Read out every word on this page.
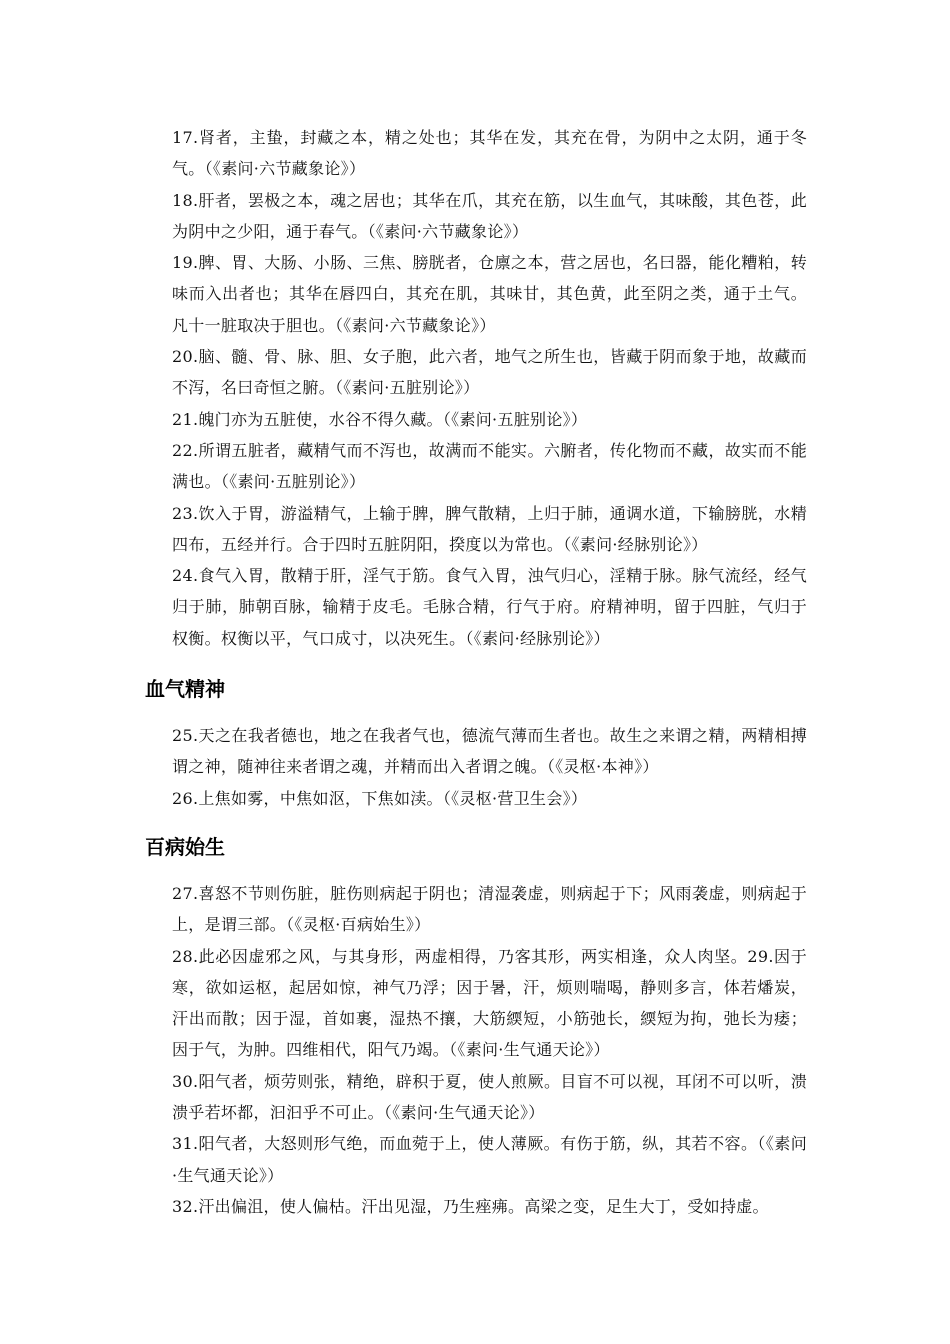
17.肾者，主蛰，封藏之本，精之处也；其华在发，其充在骨，为阴中之太阴，通于冬气。（《素问·六节藏象论》）

18.肝者，罢极之本，魂之居也；其华在爪，其充在筋，以生血气，其味酸，其色苍，此为阴中之少阳，通于春气。（《素问·六节藏象论》）

19.脾、胃、大肠、小肠、三焦、膀胱者，仓廪之本，营之居也，名曰器，能化糟粕，转味而入出者也；其华在唇四白，其充在肌，其味甘，其色黄，此至阴之类，通于土气。凡十一脏取决于胆也。（《素问·六节藏象论》）

20.脑、髓、骨、脉、胆、女子胞，此六者，地气之所生也，皆藏于阴而象于地，故藏而不泻，名曰奇恒之腑。（《素问·五脏别论》）

21.魄门亦为五脏使，水谷不得久藏。（《素问·五脏别论》）

22.所谓五脏者，藏精气而不泻也，故满而不能实。六腑者，传化物而不藏，故实而不能满也。（《素问·五脏别论》）

23.饮入于胃，游溢精气，上输于脾，脾气散精，上归于肺，通调水道，下输膀胱，水精四布，五经并行。合于四时五脏阴阳，揆度以为常也。（《素问·经脉别论》）

24.食气入胃，散精于肝，淫气于筋。食气入胃，浊气归心，淫精于脉。脉气流经，经气归于肺，肺朝百脉，输精于皮毛。毛脉合精，行气于府。府精神明，留于四脏，气归于权衡。权衡以平，气口成寸，以决死生。（《素问·经脉别论》）

血气精神

25.天之在我者德也，地之在我者气也，德流气薄而生者也。故生之来谓之精，两精相搏谓之神，随神往来者谓之魂，并精而出入者谓之魄。（《灵枢·本神》）

26.上焦如雾，中焦如沤，下焦如渎。（《灵枢·营卫生会》）

百病始生

27.喜怒不节则伤脏，脏伤则病起于阴也；清湿袭虚，则病起于下；风雨袭虚，则病起于上，是谓三部。（《灵枢·百病始生》）

28.此必因虚邪之风，与其身形，两虚相得，乃客其形，两实相逢，众人肉坚。29.因于寒，欲如运枢，起居如惊，神气乃浮；因于暑，汗，烦则喘喝，静则多言，体若燔炭，汗出而散；因于湿，首如裹，湿热不攘，大筋緛短，小筋弛长，緛短为拘，弛长为痿；因于气，为肿。四维相代，阳气乃竭。（《素问·生气通天论》）

30.阳气者，烦劳则张，精绝，辟积于夏，使人煎厥。目盲不可以视，耳闭不可以听，溃溃乎若坏都，汩汩乎不可止。（《素问·生气通天论》）

31.阳气者，大怒则形气绝，而血菀于上，使人薄厥。有伤于筋，纵，其若不容。（《素问·生气通天论》）

32.汗出偏沮，使人偏枯。汗出见湿，乃生痤疿。高梁之变，足生大丁，受如持虚。
